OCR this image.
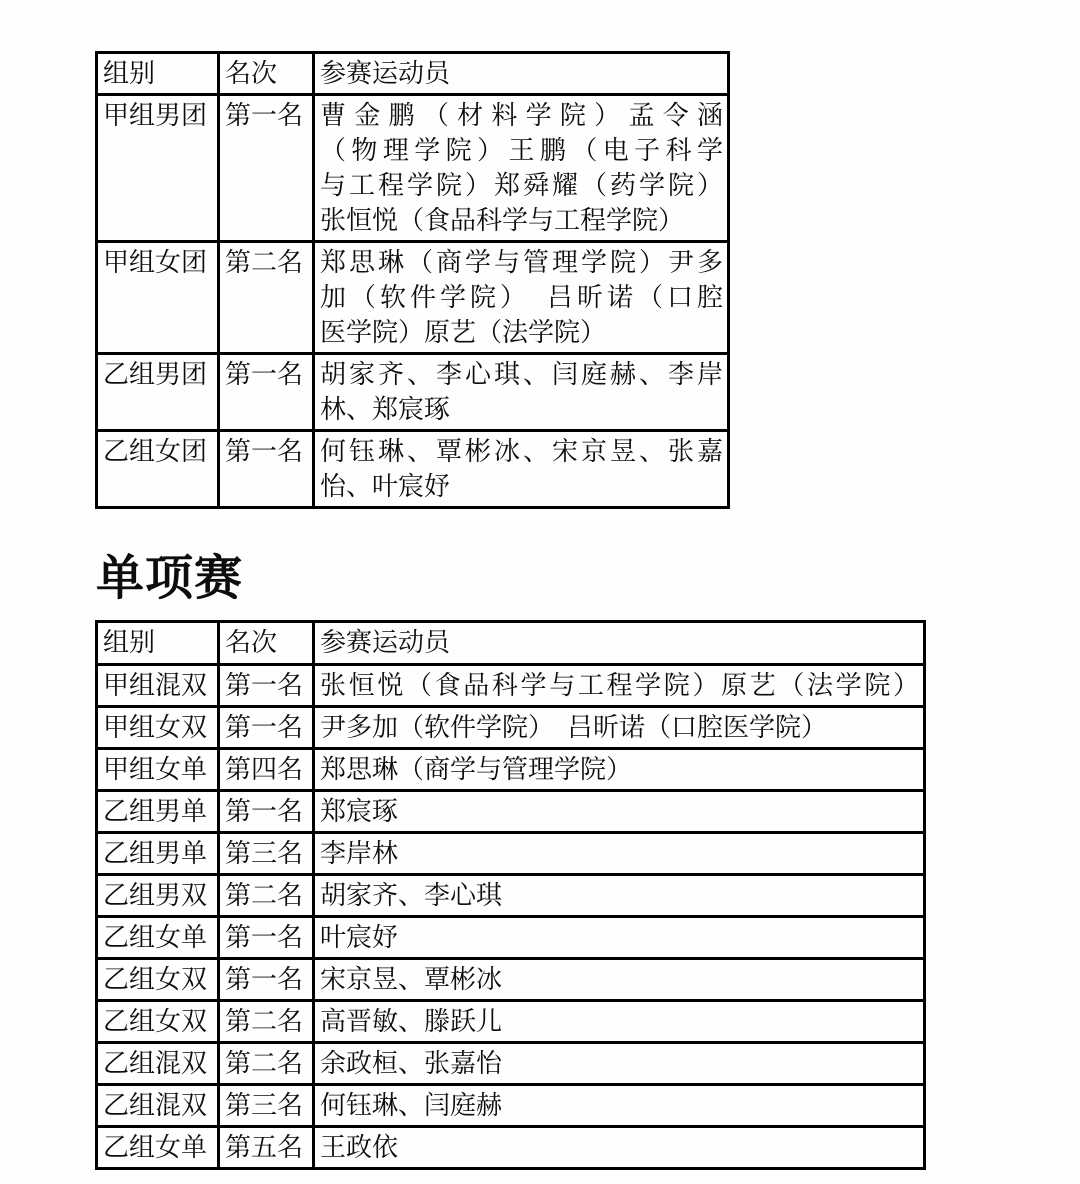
组别	名次	参赛运动员
甲组男团	第一名	曹金鹏（材料学院）孟令涵
（物理学院）王鹏（电子科学
与工程学院）郑舜耀（药学院）
张恒悦（食品科学与工程学院）

甲组女团	第二名	郑思琳（商学与管理学院）尹多
加（软件学院）　吕昕诺（口腔
医学院）原艺（法学院）

乙组男团	第一名	胡家齐、李心琪、闫庭赫、李岸
林、郑宸琢

乙组女团	第一名	何钰琳、覃彬冰、宋京昱、张嘉
怡、叶宸妤
单项赛
组别	名次	参赛运动员
甲组混双	第一名	张恒悦（食品科学与工程学院）原艺（法学院）

甲组女双	第一名	尹多加（软件学院）　吕昕诺（口腔医学院）

甲组女单	第四名	郑思琳（商学与管理学院）

乙组男单	第一名	郑宸琢

乙组男单	第三名	李岸林

乙组男双	第二名	胡家齐、李心琪

乙组女单	第一名	叶宸妤

乙组女双	第一名	宋京昱、覃彬冰

乙组女双	第二名	高晋敏、滕跃儿

乙组混双	第二名	余政桓、张嘉怡

乙组混双	第三名	何钰琳、闫庭赫

乙组女单	第五名	王政依
